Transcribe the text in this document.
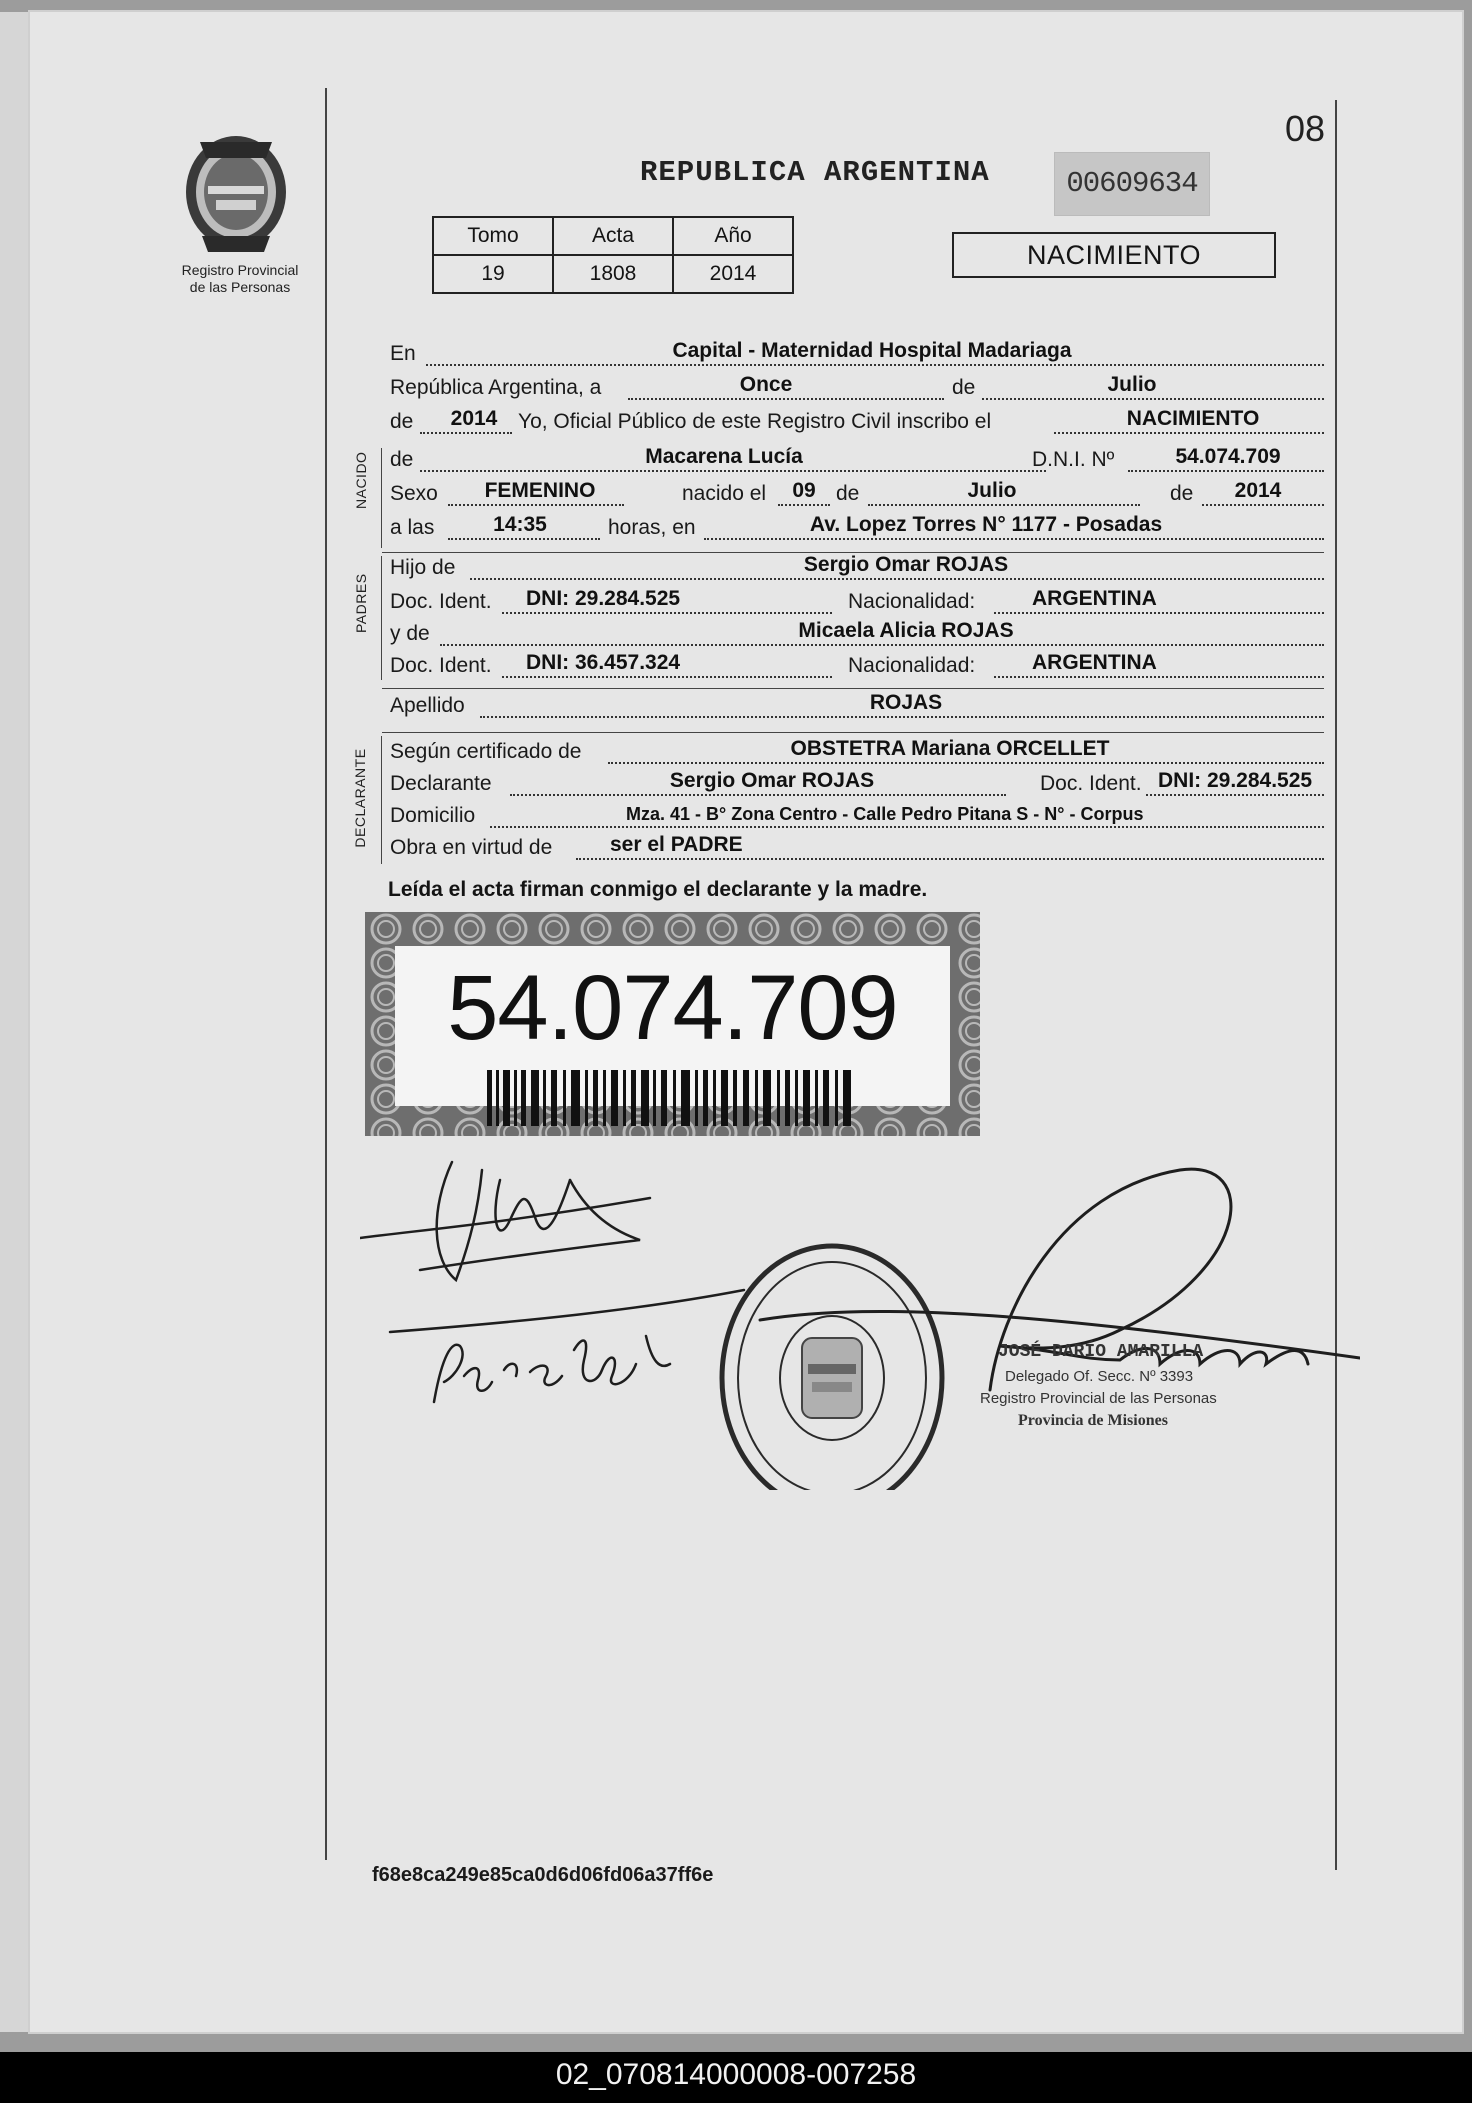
08
Registro Provincial
de las Personas
REPUBLICA ARGENTINA	00609634
Tomo	Acta	Año
19	1808	2014
NACIMIENTO
En	Capital - Maternidad Hospital Madariaga
República Argentina, a	Once	de	Julio
de 2014 Yo, Oficial Público de este Registro Civil inscribo el	NACIMIENTO
NACIDO de	Macarena Lucía	D.N.I. Nº	54.074.709
Sexo FEMENINO	nacido el 09 de	Julio	de 2014
a las	14:35	horas, en	Av. Lopez Torres N° 1177 - Posadas
PADRES
Hijo de	Sergio Omar ROJAS
Doc. Ident. DNI: 29.284.525	Nacionalidad:	ARGENTINA
y de	Micaela Alicia ROJAS
Doc. Ident. DNI: 36.457.324	Nacionalidad:	ARGENTINA
Apellido	ROJAS
DECLARANTE Según certificado de	OBSTETRA Mariana ORCELLET
Declarante	Sergio Omar ROJAS	Doc. Ident. DNI: 29.284.525
Domicilio	Mza. 41 - B° Zona Centro - Calle Pedro Pitana S - N° - Corpus
Obra en virtud de	ser el PADRE
Leída el acta firman conmigo el declarante y la madre.
54.074.709
JOSÉ DARÍO AMARILLA
Delegado Of. Secc. Nº 3393
Registro Provincial de las Personas
Provincia de Misiones
f68e8ca249e85ca0d6d06fd06a37ff6e
02_070814000008-007258
